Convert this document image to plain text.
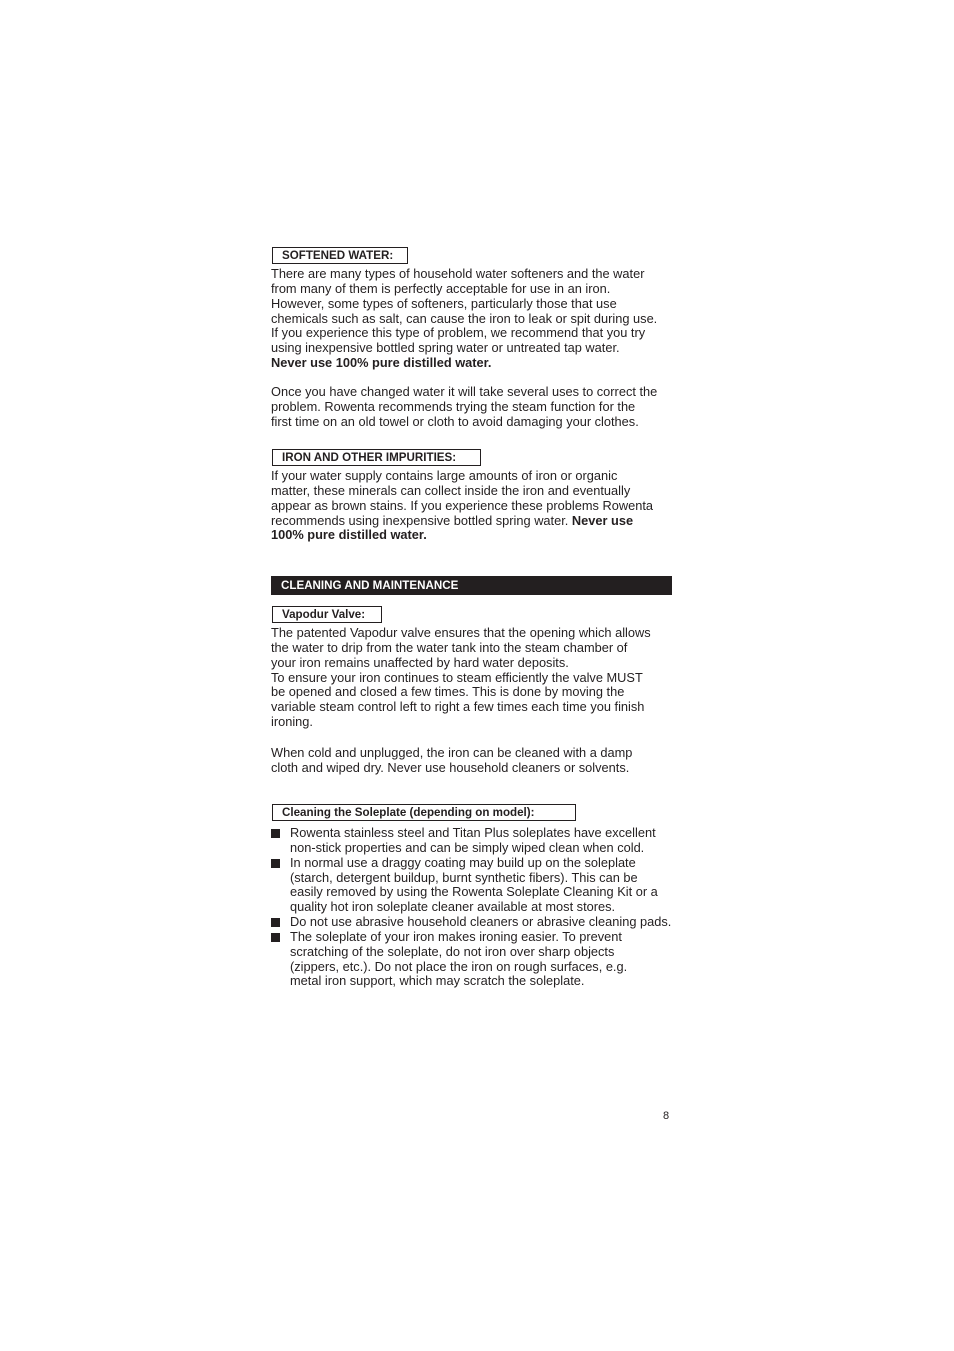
SOFTENED WATER:
There are many types of household water softeners and the water
from many of them is perfectly acceptable for use in an iron.
However, some types of softeners, particularly those that use
chemicals such as salt, can cause the iron to leak or spit during use.
If you experience this type of problem, we recommend that you try
using inexpensive bottled spring water or untreated tap water.
Never use 100% pure distilled water.
Once you have changed water it will take several uses to correct the
problem. Rowenta recommends trying the steam function for the
first time on an old towel or cloth to avoid damaging your clothes.
IRON AND OTHER IMPURITIES:
If your water supply contains large amounts of iron or organic
matter, these minerals can collect inside the iron and eventually
appear as brown stains. If you experience these problems Rowenta
recommends using inexpensive bottled spring water. Never use
100% pure distilled water.
CLEANING AND MAINTENANCE
Vapodur Valve:
The patented Vapodur valve ensures that the opening which allows
the water to drip from the water tank into the steam chamber of
your iron remains unaffected by hard water deposits.
To ensure your iron continues to steam efficiently the valve MUST
be opened and closed a few times. This is done by moving the
variable steam control left to right a few times each time you finish
ironing.
When cold and unplugged, the iron can be cleaned with a damp
cloth and wiped dry. Never use household cleaners or solvents.
Cleaning the Soleplate (depending on model):
Rowenta stainless steel and Titan Plus soleplates have excellent
non-stick properties and can be simply wiped clean when cold.
In normal use a draggy coating may build up on the soleplate
(starch, detergent buildup, burnt synthetic fibers). This can be
easily removed by using the Rowenta Soleplate Cleaning Kit or a
quality hot iron soleplate cleaner available at most stores.
Do not use abrasive household cleaners or abrasive cleaning pads.
The soleplate of your iron makes ironing easier. To prevent
scratching of the soleplate, do not iron over sharp objects
(zippers, etc.). Do not place the iron on rough surfaces, e.g.
metal iron support, which may scratch the soleplate.
8
